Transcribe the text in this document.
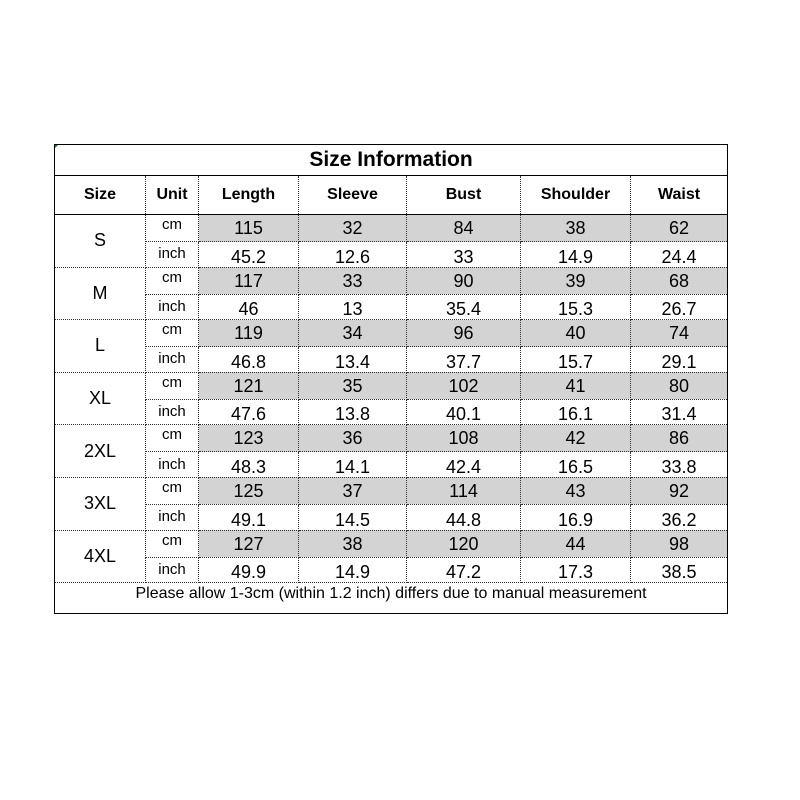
Size Information						
Size	Unit	Length	Sleeve	Bust	Shoulder	Waist
S	cm	115	32	84	38	62
	inch	45.2	12.6	33	14.9	24.4
M	cm	117	33	90	39	68
	inch	46	13	35.4	15.3	26.7
L	cm	119	34	96	40	74
	inch	46.8	13.4	37.7	15.7	29.1
XL	cm	121	35	102	41	80
	inch	47.6	13.8	40.1	16.1	31.4
2XL	cm	123	36	108	42	86
	inch	48.3	14.1	42.4	16.5	33.8
3XL	cm	125	37	114	43	92
	inch	49.1	14.5	44.8	16.9	36.2
4XL	cm	127	38	120	44	98
	inch	49.9	14.9	47.2	17.3	38.5
Please allow 1-3cm (within 1.2 inch) differs due to manual measurement						
